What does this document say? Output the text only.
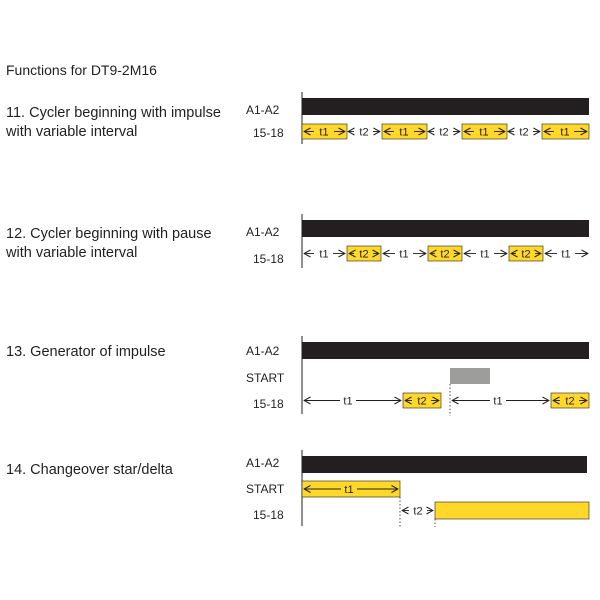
Functions for DT9-2M16
11. Cycler beginning with impulse
with variable interval
A1-A2
15-18
12. Cycler beginning with pause
with variable interval
A1-A2
15-18
13. Generator of impulse	A1-A2
START
15-18
14. Changeover star/delta	A1-A2
START
15-18
t1	t2	t1	t2	t1	t2	t1
t1	t2	t1	t2	t1	t2	t1
t1	t2	t1	t2
t1
t2
